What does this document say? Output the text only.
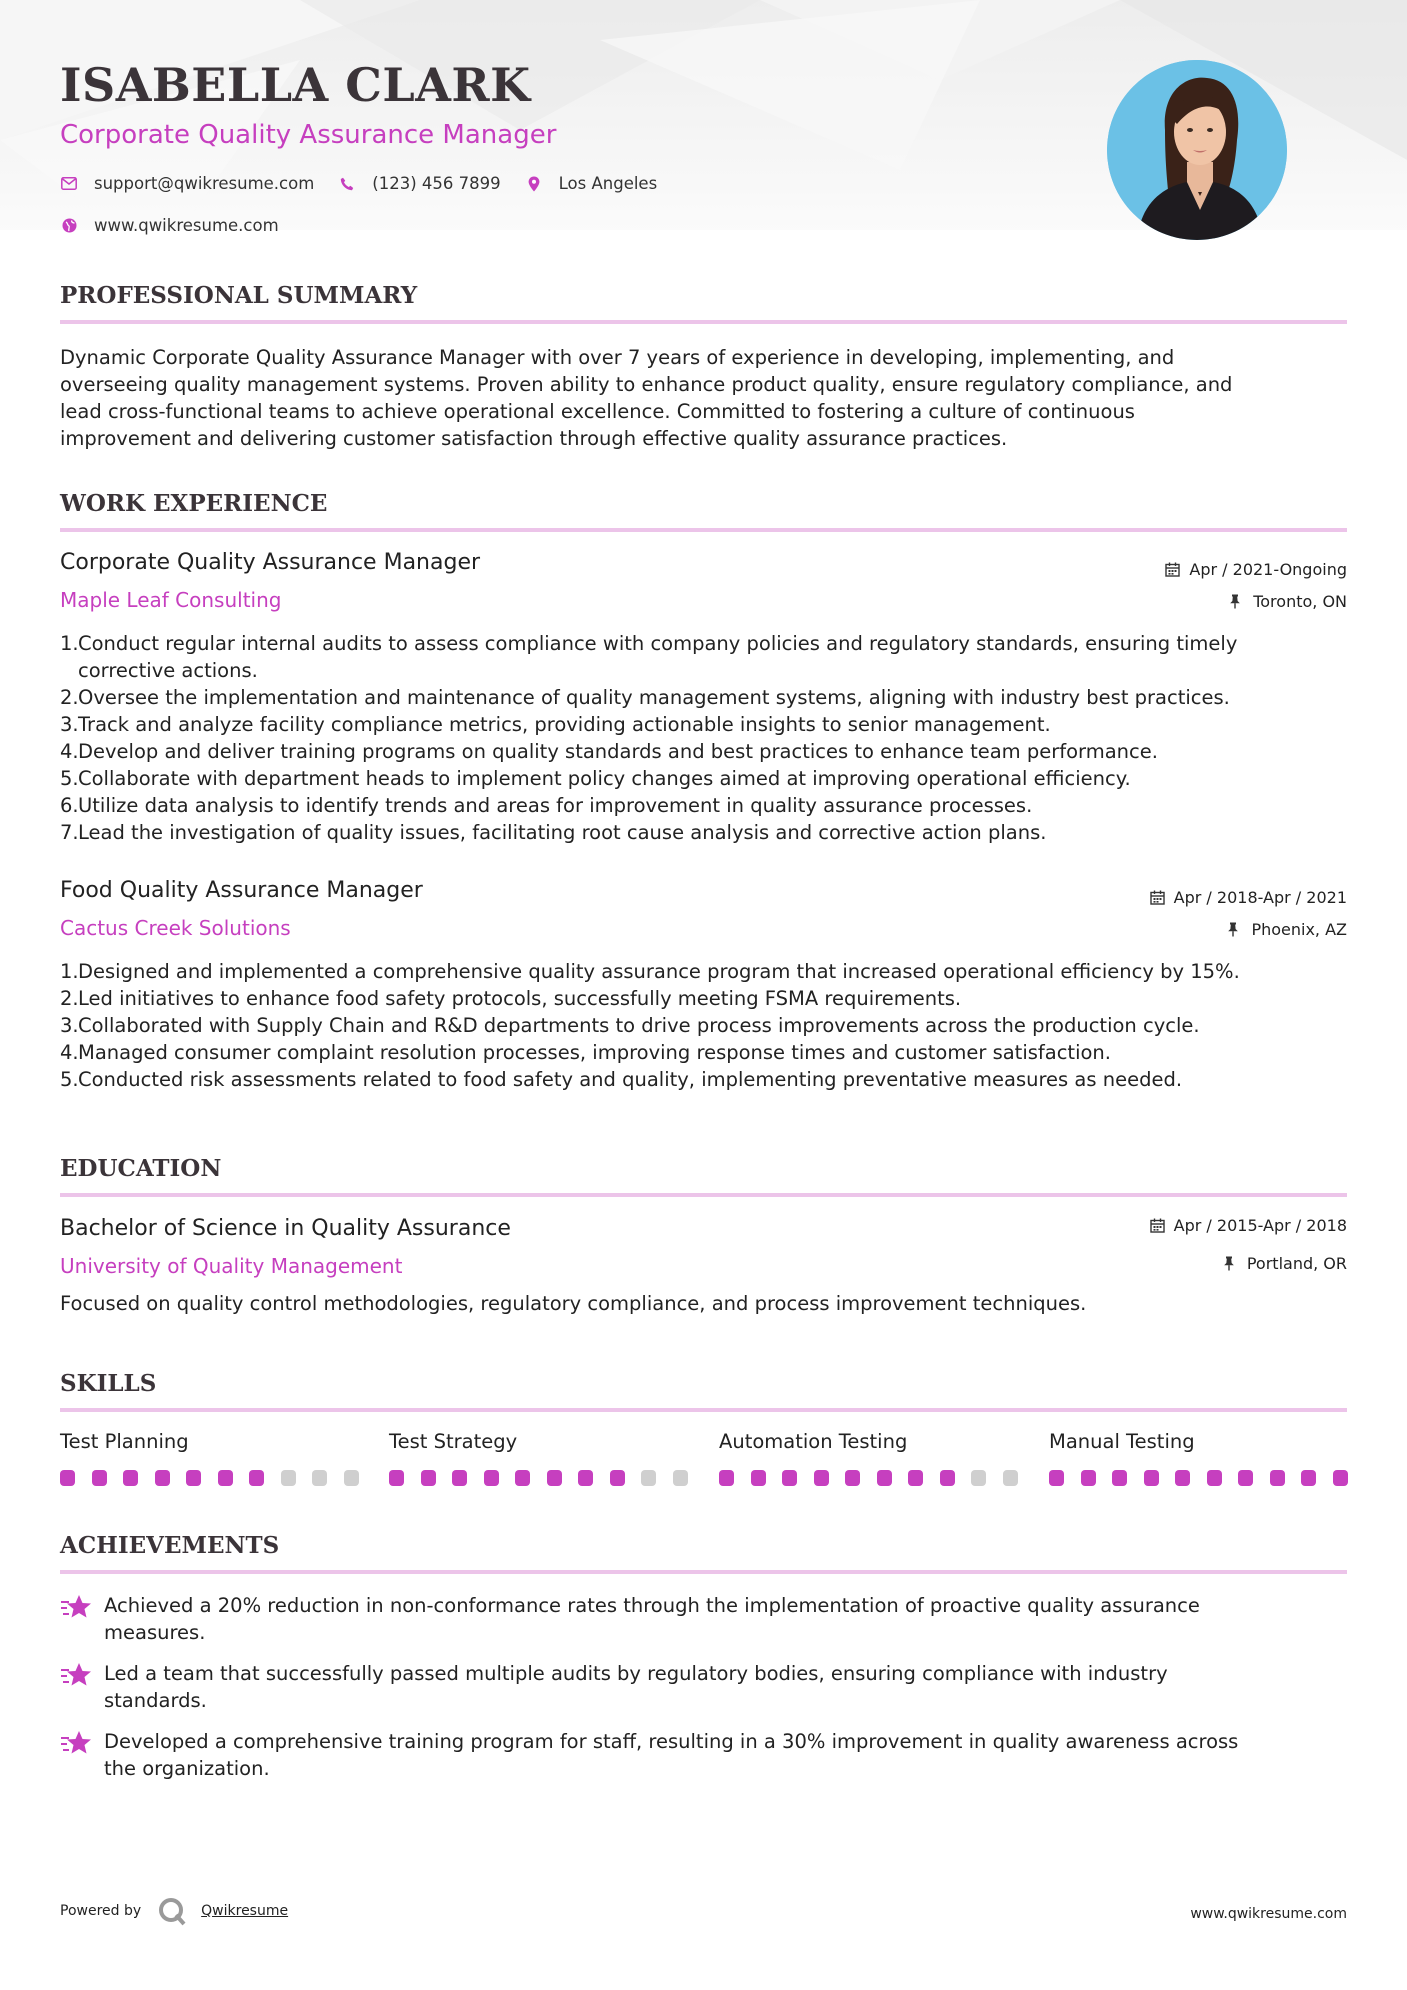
ISABELLA CLARK
Corporate Quality Assurance Manager
support@qwikresume.com	(123) 456 7899	Los Angeles
www.qwikresume.com
PROFESSIONAL SUMMARY
Dynamic Corporate Quality Assurance Manager with over 7 years of experience in developing, implementing, and
overseeing quality management systems. Proven ability to enhance product quality, ensure regulatory compliance, and
lead cross-functional teams to achieve operational excellence. Committed to fostering a culture of continuous
improvement and delivering customer satisfaction through effective quality assurance practices.
WORK EXPERIENCE
Corporate Quality Assurance Manager	Apr / 2021-Ongoing
Maple Leaf Consulting	Toronto, ON
1. Conduct regular internal audits to assess compliance with company policies and regulatory standards, ensuring timely
corrective actions.
2. Oversee the implementation and maintenance of quality management systems, aligning with industry best practices.
3. Track and analyze facility compliance metrics, providing actionable insights to senior management.
4. Develop and deliver training programs on quality standards and best practices to enhance team performance.
5. Collaborate with department heads to implement policy changes aimed at improving operational efficiency.
6. Utilize data analysis to identify trends and areas for improvement in quality assurance processes.
7. Lead the investigation of quality issues, facilitating root cause analysis and corrective action plans.
Food Quality Assurance Manager	Apr / 2018-Apr / 2021
Cactus Creek Solutions	Phoenix, AZ
1. Designed and implemented a comprehensive quality assurance program that increased operational efficiency by 15%.
2. Led initiatives to enhance food safety protocols, successfully meeting FSMA requirements.
3. Collaborated with Supply Chain and R&D departments to drive process improvements across the production cycle.
4. Managed consumer complaint resolution processes, improving response times and customer satisfaction.
5. Conducted risk assessments related to food safety and quality, implementing preventative measures as needed.
EDUCATION
Bachelor of Science in Quality Assurance	Apr / 2015-Apr / 2018
University of Quality Management	Portland, OR
Focused on quality control methodologies, regulatory compliance, and process improvement techniques.
SKILLS
Test Planning	Test Strategy	Automation Testing	Manual Testing
ACHIEVEMENTS
Achieved a 20% reduction in non-conformance rates through the implementation of proactive quality assurance
measures.
Led a team that successfully passed multiple audits by regulatory bodies, ensuring compliance with industry
standards.
Developed a comprehensive training program for staff, resulting in a 30% improvement in quality awareness across
the organization.
Powered by	Qwikresume	www.qwikresume.com
